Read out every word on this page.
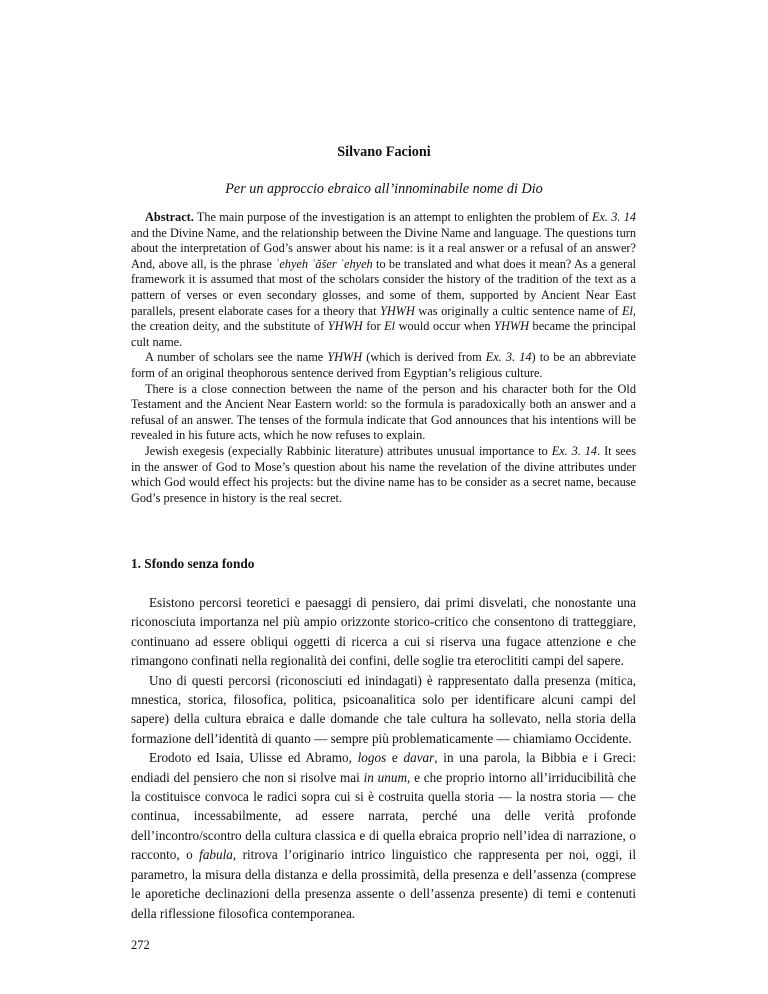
Silvano Facioni
Per un approccio ebraico all’innominabile nome di Dio

Abstract. The main purpose of the investigation is an attempt to enlighten the problem of Ex. 3. 14 and the Divine Name, and the relationship between the Divine Name and language. The questions turn about the interpretation of God’s answer about his name: is it a real answer or a refusal of an answer? And, above all, is the phrase ʾehyeh ʾăšer ʾehyeh to be translated and what does it mean? As a general framework it is assumed that most of the scholars consider the history of the tradition of the text as a pattern of verses or even secondary glosses, and some of them, supported by Ancient Near East parallels, present elaborate cases for a theory that YHWH was originally a cultic sentence name of El, the creation deity, and the substitute of YHWH for El would occur when YHWH became the principal cult name.

A number of scholars see the name YHWH (which is derived from Ex. 3. 14) to be an abbreviate form of an original theophorous sentence derived from Egyptian’s religious culture.

There is a close connection between the name of the person and his character both for the Old Testament and the Ancient Near Eastern world: so the formula is paradoxically both an answer and a refusal of an answer. The tenses of the formula indicate that God announces that his intentions will be revealed in his future acts, which he now refuses to explain.

Jewish exegesis (expecially Rabbinic literature) attributes unusual importance to Ex. 3. 14. It sees in the answer of God to Mose’s question about his name the revelation of the divine attributes under which God would effect his projects: but the divine name has to be consider as a secret name, because God’s presence in history is the real secret.

1. Sfondo senza fondo

Esistono percorsi teoretici e paesaggi di pensiero, dai primi disvelati, che nonostante una riconosciuta importanza nel più ampio orizzonte storico-critico che consentono di tratteggiare, continuano ad essere obliqui oggetti di ricerca a cui si riserva una fugace attenzione e che rimangono confinati nella regionalità dei confini, delle soglie tra eteroclititi campi del sapere.

Uno di questi percorsi (riconosciuti ed inindagati) è rappresentato dalla presenza (mitica, mnestica, storica, filosofica, politica, psicoanalitica solo per identificare alcuni campi del sapere) della cultura ebraica e dalle domande che tale cultura ha sollevato, nella storia della formazione dell’identità di quanto — sempre più problematicamente — chiamiamo Occidente.

Erodoto ed Isaia, Ulisse ed Abramo, logos e davar, in una parola, la Bibbia e i Greci: endiadi del pensiero che non si risolve mai in unum, e che proprio intorno all’irriducibilità che la costituisce convoca le radici sopra cui si è costruita quella storia — la nostra storia — che continua, incessabilmente, ad essere narrata, perché una delle verità profonde dell’incontro/scontro della cultura classica e di quella ebraica proprio nell’idea di narrazione, o racconto, o fabula, ritrova l’originario intrico linguistico che rappresenta per noi, oggi, il parametro, la misura della distanza e della prossimità, della presenza e dell’assenza (comprese le aporetiche declinazioni della presenza assente o dell’assenza presente) di temi e contenuti della riflessione filosofica contemporanea.

272
